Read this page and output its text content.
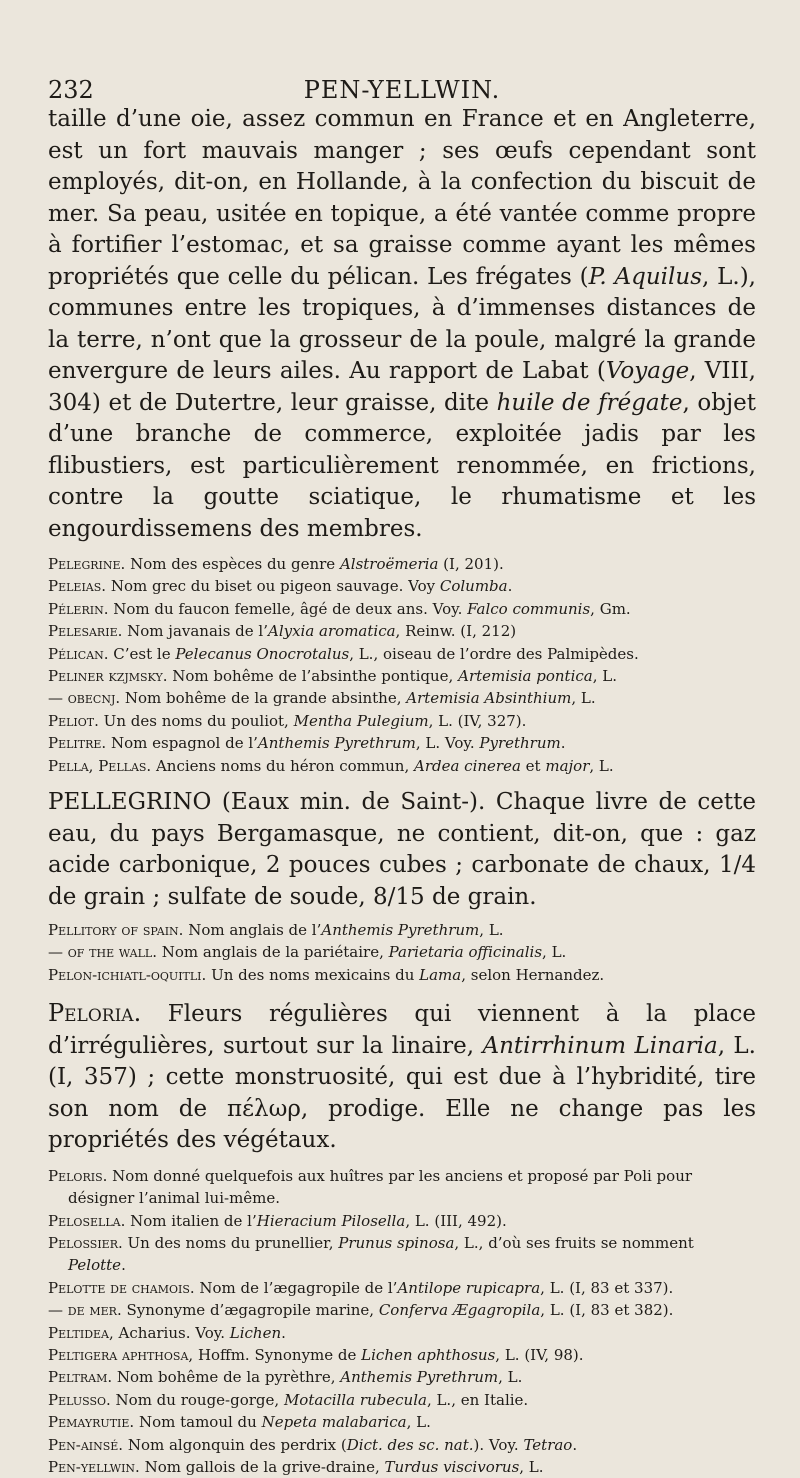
232	PEN-YELLWIN.

taille d’une oie, assez commun en France et en Angleterre, est un fort mauvais manger ; ses œufs cependant sont employés, dit-on, en Hollande, à la confection du biscuit de mer. Sa peau, usitée en topique, a été vantée comme propre à fortifier l’estomac, et sa graisse comme ayant les mêmes propriétés que celle du pélican. Les frégates (P. Aquilus, L.), communes entre les tropiques, à d’immenses distances de la terre, n’ont que la grosseur de la poule, malgré la grande envergure de leurs ailes. Au rapport de Labat (Voyage, VIII, 304) et de Dutertre, leur graisse, dite huile de frégate, objet d’une branche de commerce, exploitée jadis par les flibustiers, est particulièrement renommée, en frictions, contre la goutte sciatique, le rhumatisme et les engourdissemens des membres.

Pelegrine. Nom des espèces du genre Alstroëmeria (I, 201).

Peleias. Nom grec du biset ou pigeon sauvage. Voy Columba.

Pélerin. Nom du faucon femelle, âgé de deux ans. Voy. Falco communis, Gm.

Pelesarie. Nom javanais de l’Alyxia aromatica, Reinw. (I, 212)

Pélican. C’est le Pelecanus Onocrotalus, L., oiseau de l’ordre des Palmipèdes.

Peliner kzjmsky. Nom bohême de l’absinthe pontique, Artemisia pontica, L.

— obecnj. Nom bohême de la grande absinthe, Artemisia Absinthium, L.

Peliot. Un des noms du pouliot, Mentha Pulegium, L. (IV, 327).

Pelitre. Nom espagnol de l’Anthemis Pyrethrum, L. Voy. Pyrethrum.

Pella, Pellas. Anciens noms du héron commun, Ardea cinerea et major, L.

PELLEGRINO (Eaux min. de Saint-). Chaque livre de cette eau, du pays Bergamasque, ne contient, dit-on, que : gaz acide carbonique, 2 pouces cubes ; carbonate de chaux, 1/4 de grain ; sulfate de soude, 8/15 de grain.

Pellitory of spain. Nom anglais de l’Anthemis Pyrethrum, L.

— of the wall. Nom anglais de la pariétaire, Parietaria officinalis, L.

Pelon-ichiatl-oquitli. Un des noms mexicains du Lama, selon Hernandez.

Peloria. Fleurs régulières qui viennent à la place d’irrégulières, surtout sur la linaire, Antirrhinum Linaria, L. (I, 357) ; cette monstruosité, qui est due à l’hybridité, tire son nom de πέλωρ, prodige. Elle ne change pas les propriétés des végétaux.

Peloris. Nom donné quelquefois aux huîtres par les anciens et proposé par Poli pour désigner l’animal lui-même.

Pelosella. Nom italien de l’Hieracium Pilosella, L. (III, 492).

Pelossier. Un des noms du prunellier, Prunus spinosa, L., d’où ses fruits se nomment Pelotte.

Pelotte de chamois. Nom de l’ægagropile de l’Antilope rupicapra, L. (I, 83 et 337).

— de mer. Synonyme d’ægagropile marine, Conferva Ægagropila, L. (I, 83 et 382).

Peltidea, Acharius. Voy. Lichen.

Peltigera aphthosa, Hoffm. Synonyme de Lichen aphthosus, L. (IV, 98).

Peltram. Nom bohême de la pyrèthre, Anthemis Pyrethrum, L.

Pelusso. Nom du rouge-gorge, Motacilla rubecula, L., en Italie.

Pemayrutie. Nom tamoul du Nepeta malabarica, L.

Pen-ainsé. Nom algonquin des perdrix (Dict. des sc. nat.). Voy. Tetrao.

Pen-yellwin. Nom gallois de la grive-draine, Turdus viscivorus, L.
